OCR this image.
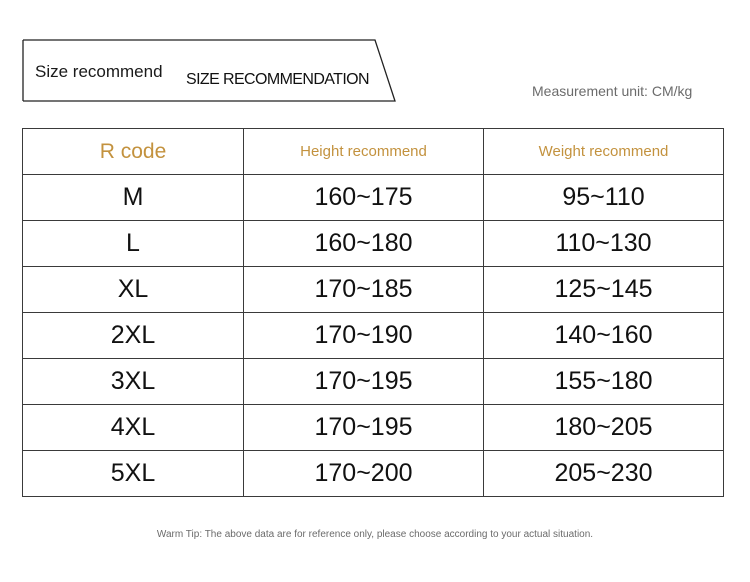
Size recommend SIZE RECOMMENDATION
Measurement unit: CM/kg
R code	Height recommend	Weight recommend
M	160~175	95~110
L	160~180	110~130
XL	170~185	125~145
2XL	170~190	140~160
3XL	170~195	155~180
4XL	170~195	180~205
5XL	170~200	205~230
Warm Tip: The above data are for reference only, please choose according to your actual situation.
